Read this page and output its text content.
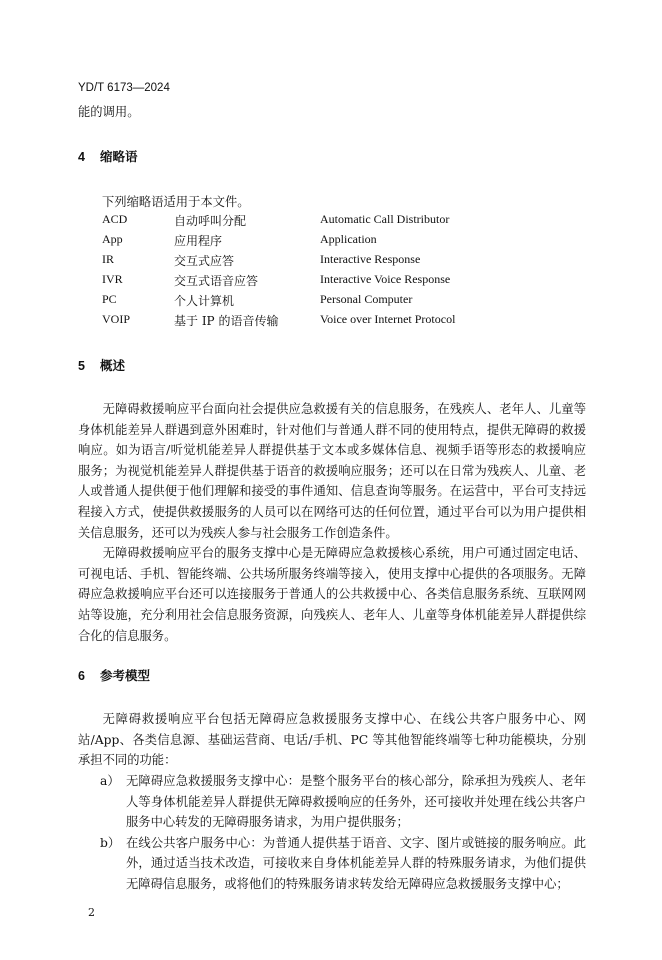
YD/T 6173—2024
能的调用。
4 缩略语
下列缩略语适用于本文件。
ACD	自动呼叫分配	Automatic Call Distributor
App	应用程序	Application
IR	交互式应答	Interactive Response
IVR	交互式语音应答	Interactive Voice Response
PC	个人计算机	Personal Computer
VOIP	基于 IP 的语音传输	Voice over Internet Protocol
5 概述

无障碍救援响应平台面向社会提供应急救援有关的信息服务，在残疾人、老年人、儿童等身体机能差异人群遇到意外困难时，针对他们与普通人群不同的使用特点，提供无障碍的救援响应。如为语言/听觉机能差异人群提供基于文本或多媒体信息、视频手语等形态的救援响应服务；为视觉机能差异人群提供基于语音的救援响应服务；还可以在日常为残疾人、儿童、老人或普通人提供便于他们理解和接受的事件通知、信息查询等服务。在运营中，平台可支持远程接入方式，使提供救援服务的人员可以在网络可达的任何位置，通过平台可以为用户提供相关信息服务，还可以为残疾人参与社会服务工作创造条件。

无障碍救援响应平台的服务支撑中心是无障碍应急救援核心系统，用户可通过固定电话、可视电话、手机、智能终端、公共场所服务终端等接入，使用支撑中心提供的各项服务。无障碍应急救援响应平台还可以连接服务于普通人的公共救援中心、各类信息服务系统、互联网网站等设施，充分利用社会信息服务资源，向残疾人、老年人、儿童等身体机能差异人群提供综合化的信息服务。

6 参考模型

无障碍救援响应平台包括无障碍应急救援服务支撑中心、在线公共客户服务中心、网站/App、各类信息源、基础运营商、电话/手机、PC 等其他智能终端等七种功能模块，分别承担不同的功能：

a） 无障碍应急救援服务支撑中心：是整个服务平台的核心部分，除承担为残疾人、老年人等身体机能差异人群提供无障碍救援响应的任务外，还可接收并处理在线公共客户服务中心转发的无障碍服务请求，为用户提供服务；
b） 在线公共客户服务中心：为普通人提供基于语音、文字、图片或链接的服务响应。此外，通过适当技术改造，可接收来自身体机能差异人群的特殊服务请求，为他们提供无障碍信息服务，或将他们的特殊服务请求转发给无障碍应急救援服务支撑中心；
2
